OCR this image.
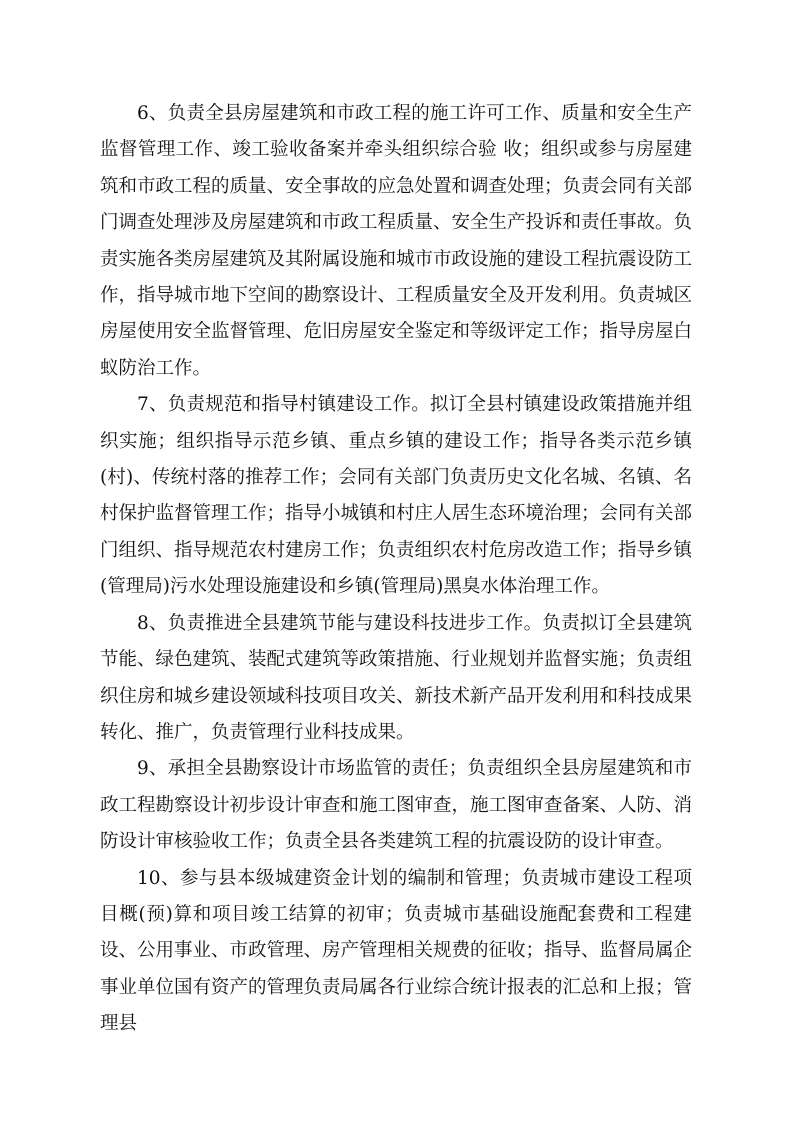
6、负责全县房屋建筑和市政工程的施工许可工作、质量和安全生产监督管理工作、竣工验收备案并牵头组织综合验 收；组织或参与房屋建筑和市政工程的质量、安全事故的应急处置和调查处理；负责会同有关部门调查处理涉及房屋建筑和市政工程质量、安全生产投诉和责任事故。负责实施各类房屋建筑及其附属设施和城市市政设施的建设工程抗震设防工作，指导城市地下空间的勘察设计、工程质量安全及开发利用。负责城区房屋使用安全监督管理、危旧房屋安全鉴定和等级评定工作；指导房屋白蚁防治工作。

7、负责规范和指导村镇建设工作。拟订全县村镇建设政策措施并组织实施；组织指导示范乡镇、重点乡镇的建设工作；指导各类示范乡镇(村)、传统村落的推荐工作；会同有关部门负责历史文化名城、名镇、名村保护监督管理工作；指导小城镇和村庄人居生态环境治理；会同有关部门组织、指导规范农村建房工作；负责组织农村危房改造工作；指导乡镇(管理局)污水处理设施建设和乡镇(管理局)黑臭水体治理工作。

8、负责推进全县建筑节能与建设科技进步工作。负责拟订全县建筑节能、绿色建筑、装配式建筑等政策措施、行业规划并监督实施；负责组织住房和城乡建设领域科技项目攻关、新技术新产品开发利用和科技成果转化、推广，负责管理行业科技成果。

9、承担全县勘察设计市场监管的责任；负责组织全县房屋建筑和市政工程勘察设计初步设计审查和施工图审查，施工图审查备案、人防、消防设计审核验收工作；负责全县各类建筑工程的抗震设防的设计审查。

10、参与县本级城建资金计划的编制和管理；负责城市建设工程项目概(预)算和项目竣工结算的初审；负责城市基础设施配套费和工程建设、公用事业、市政管理、房产管理相关规费的征收；指导、监督局属企事业单位国有资产的管理负责局属各行业综合统计报表的汇总和上报；管理县
